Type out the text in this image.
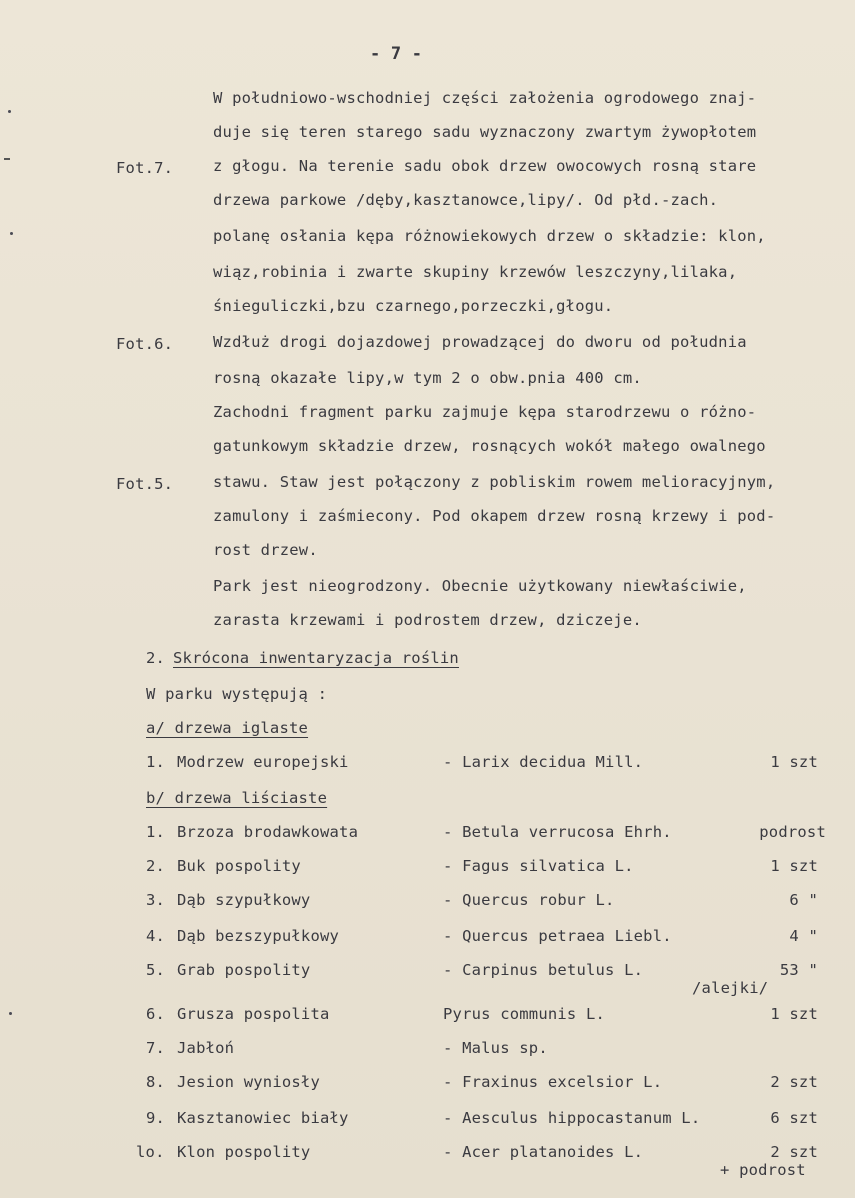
- 7 -
W południowo-wschodniej części założenia ogrodowego znaj-
duje się teren starego sadu wyznaczony zwartym żywopłotem
z głogu. Na terenie sadu obok drzew owocowych rosną stare
drzewa parkowe /dęby,kasztanowce,lipy/. Od płd.-zach.
polanę osłania kępa różnowiekowych drzew o składzie: klon,
wiąz,robinia i zwarte skupiny krzewów leszczyny,lilaka,
śnieguliczki,bzu czarnego,porzeczki,głogu.
Wzdłuż drogi dojazdowej prowadzącej do dworu od południa
rosną okazałe lipy,w tym 2 o obw.pnia 400 cm.
Zachodni fragment parku zajmuje kępa starodrzewu o różno-
gatunkowym składzie drzew, rosnących wokół małego owalnego
stawu. Staw jest połączony z pobliskim rowem melioracyjnym,
zamulony i zaśmiecony. Pod okapem drzew rosną krzewy i pod-
rost drzew.
Park jest nieogrodzony. Obecnie użytkowany niewłaściwie,
zarasta krzewami i podrostem drzew, dziczeje.
Fot.7.
Fot.6.
Fot.5.
2. Skrócona inwentaryzacja roślin
W parku występują :
a/ drzewa iglaste
1. Modrzew europejski	- Larix decidua Mill.	1 szt
b/ drzewa liściaste
1. Brzoza brodawkowata	- Betula verrucosa Ehrh.	podrost
2. Buk pospolity	- Fagus silvatica L.	1 szt
3. Dąb szypułkowy	- Quercus robur L.	6 "
4. Dąb bezszypułkowy	- Quercus petraea Liebl.	4 "
5. Grab pospolity	- Carpinus betulus L.	53 "
/alejki/
6. Grusza pospolita	Pyrus communis L.	1 szt
7. Jabłoń	- Malus sp.
8. Jesion wyniosły	- Fraxinus excelsior L.	2 szt
9. Kasztanowiec biały	- Aesculus hippocastanum L.	6 szt
lo. Klon pospolity	- Acer platanoides L.	2 szt
+ podrost
